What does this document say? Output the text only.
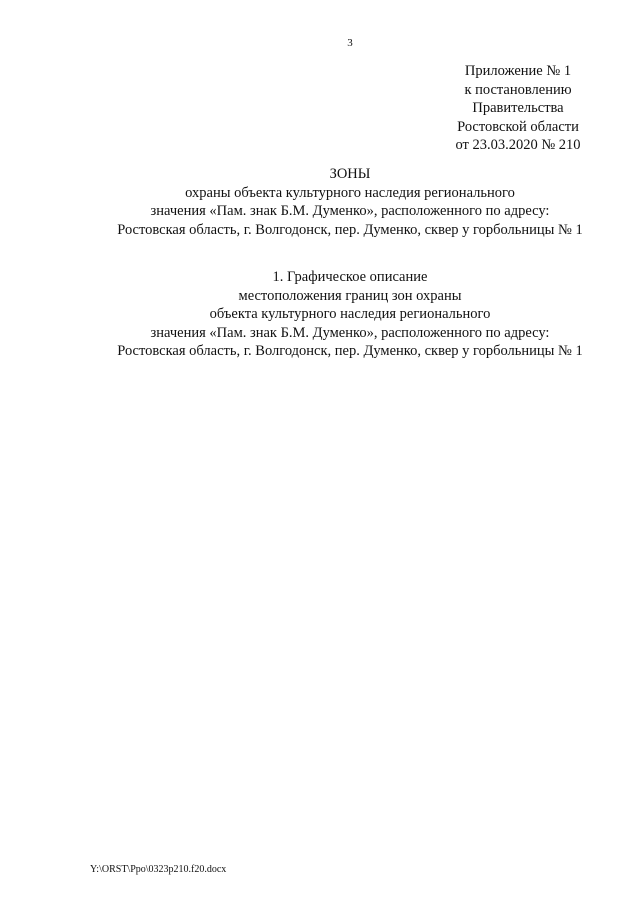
3
Приложение № 1
к постановлению
Правительства
Ростовской области
от 23.03.2020 № 210
ЗОНЫ
охраны объекта культурного наследия регионального
значения «Пам. знак Б.М. Думенко», расположенного по адресу:
Ростовская область, г. Волгодонск, пер. Думенко, сквер у горбольницы № 1
1. Графическое описание
местоположения границ зон охраны
объекта культурного наследия регионального
значения «Пам. знак Б.М. Думенко», расположенного по адресу:
Ростовская область, г. Волгодонск, пер. Думенко, сквер у горбольницы № 1
Y:\ORST\Ppo\0323p210.f20.docx
